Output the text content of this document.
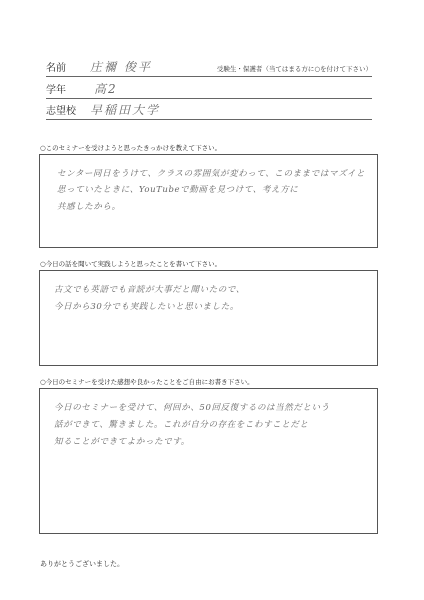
名前 庄禰 俊平	受験生・保護者（当てはまる方に○を付けて下さい）
学年 高2
志望校 早稲田大学
○このセミナーを受けようと思ったきっかけを教えて下さい。
センター同日をうけて、クラスの雰囲気が変わって、このままではマズイと
思っていたときに、YouTubeで動画を見つけて、考え方に
共感したから。
○今日の話を聞いて実践しようと思ったことを書いて下さい。
古文でも英語でも音読が大事だと聞いたので、
今日から30分でも実践したいと思いました。
○今日のセミナーを受けた感想や良かったことをご自由にお書き下さい。
今日のセミナーを受けて、何回か、50回反復するのは当然だという
話ができて、驚きました。これが自分の存在をこわすことだと
知ることができてよかったです。
ありがとうございました。
